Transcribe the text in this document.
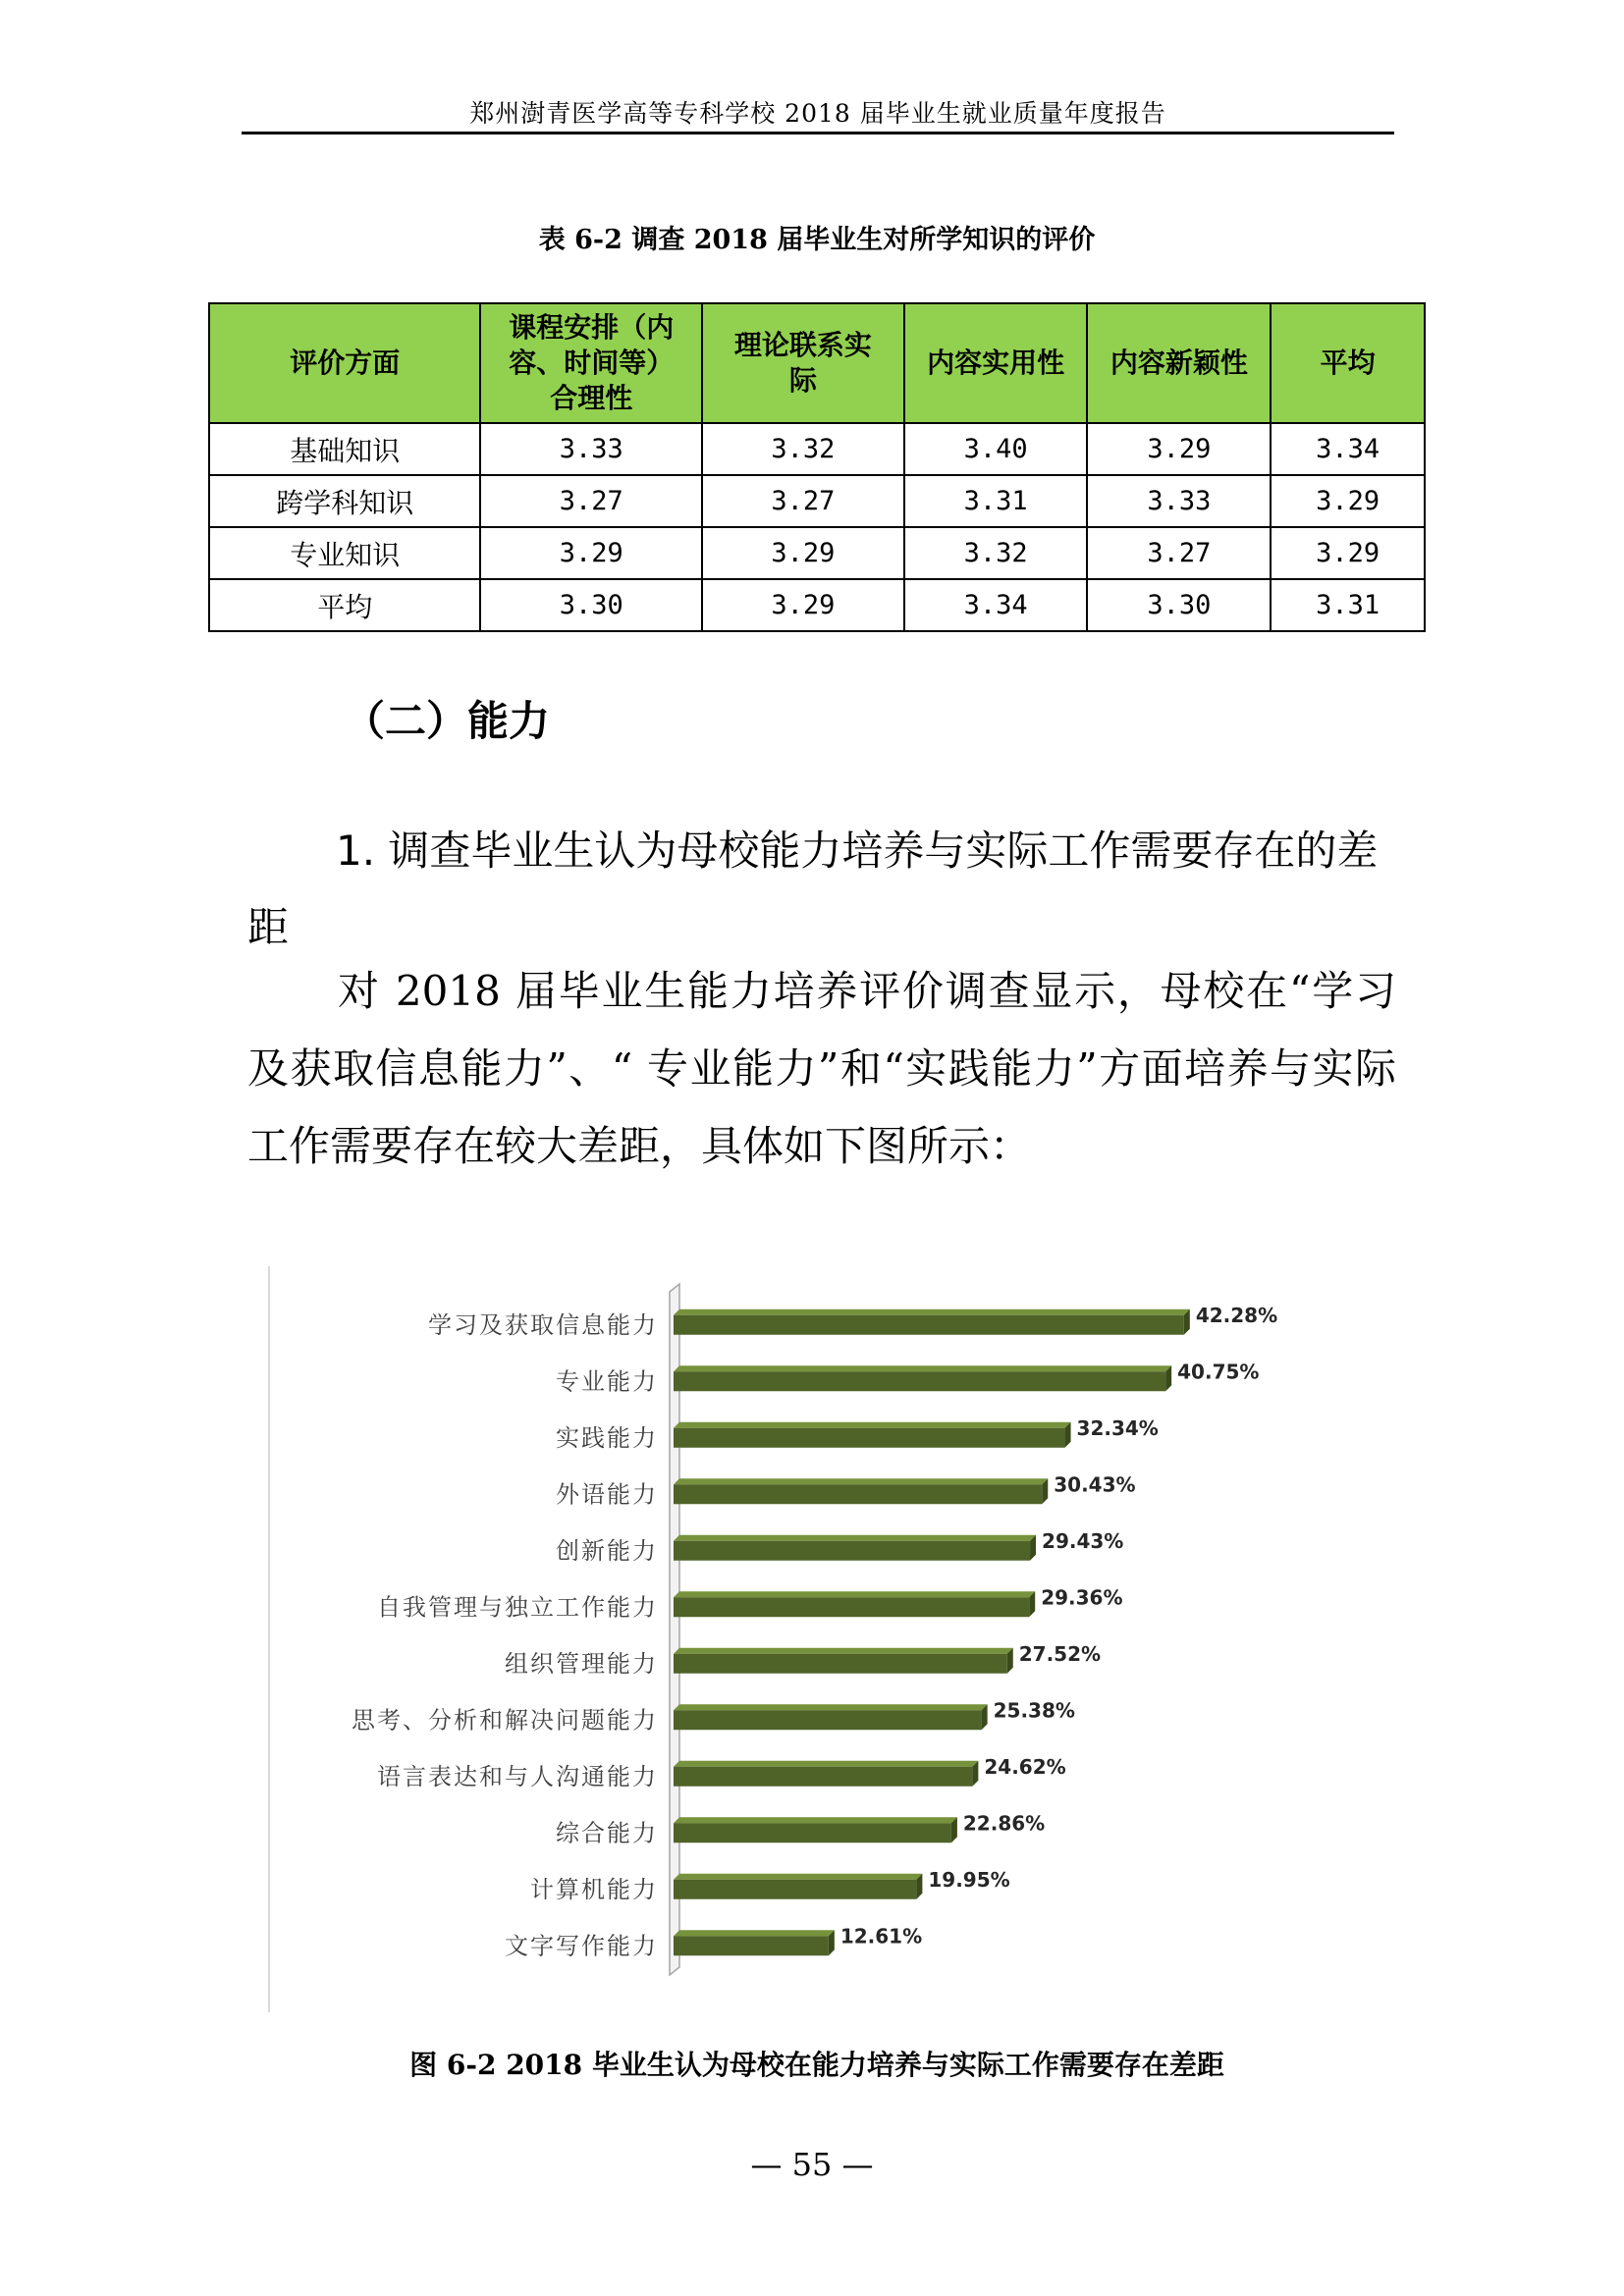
郑州澍青医学高等专科学校 2018 届毕业生就业质量年度报告
表 6-2 调查 2018 届毕业生对所学知识的评价
评价方面	课程安排（内容、时间等）合理性	理论联系实际	内容实用性	内容新颖性	平均
基础知识	3.33	3.32	3.40	3.29	3.34
跨学科知识	3.27	3.27	3.31	3.33	3.29
专业知识	3.29	3.29	3.32	3.27	3.29
平均	3.30	3.29	3.34	3.30	3.31
（二）能力
1. 调查毕业生认为母校能力培养与实际工作需要存在的差距
对 2018 届毕业生能力培养评价调查显示，母校在“学习及获取信息能力”、“ 专业能力”和“实践能力”方面培养与实际工作需要存在较大差距，具体如下图所示：
学习及获取信息能力	42.28%
专业能力	40.75%
实践能力	32.34%
外语能力	30.43%
创新能力	29.43%
自我管理与独立工作能力	29.36%
组织管理能力	27.52%
思考、分析和解决问题能力	25.38%
语言表达和与人沟通能力	24.62%
综合能力	22.86%
计算机能力	19.95%
文字写作能力	12.61%
图 6-2 2018 毕业生认为母校在能力培养与实际工作需要存在差距
— 55 —
